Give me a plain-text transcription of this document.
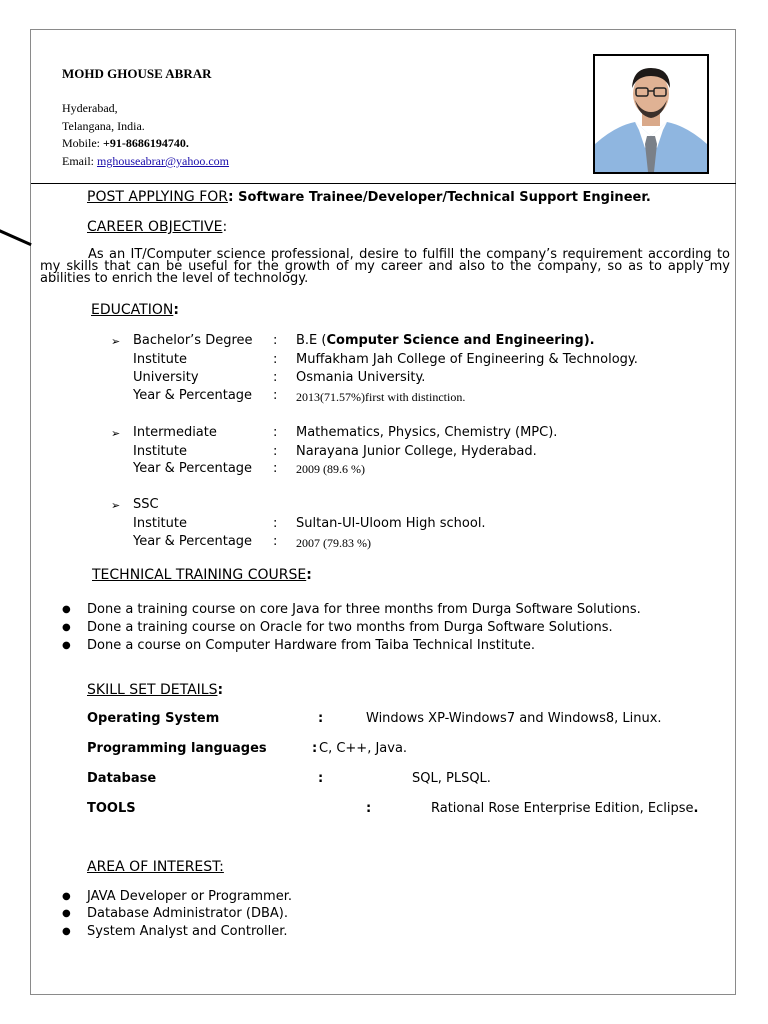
MOHD GHOUSE ABRAR
Hyderabad,
Telangana, India.
Mobile: +91-8686194740.
Email: mghouseabrar@yahoo.com
POST APPLYING FOR: Software Trainee/Developer/Technical Support Engineer.
CAREER OBJECTIVE:
As an IT/Computer science professional, desire to fulfill the company’s requirement according to my skills that can be useful for the growth of my career and also to the company, so as to apply my abilities to enrich the level of technology.
EDUCATION:
➢ Bachelor’s Degree : B.E (Computer Science and Engineering).
Institute	: Muffakham Jah College of Engineering & Technology.
University	: Osmania University.
Year & Percentage : 2013(71.57%)first with distinction.
➢ Intermediate	: Mathematics, Physics, Chemistry (MPC).
Institute	: Narayana Junior College, Hyderabad.
Year & Percentage : 2009 (89.6 %)
➢ SSC
Institute	: Sultan-Ul-Uloom High school.
Year & Percentage : 2007 (79.83 %)
TECHNICAL TRAINING COURSE:
● Done a training course on core Java for three months from Durga Software Solutions.
● Done a training course on Oracle for two months from Durga Software Solutions.
● Done a course on Computer Hardware from Taiba Technical Institute.
SKILL SET DETAILS:
Operating System	:	Windows XP-Windows7 and Windows8, Linux.
Programming languages	: C, C++, Java.
Database	:	SQL, PLSQL.
TOOLS	:	Rational Rose Enterprise Edition, Eclipse.
AREA OF INTEREST:
● JAVA Developer or Programmer.
● Database Administrator (DBA).
● System Analyst and Controller.
